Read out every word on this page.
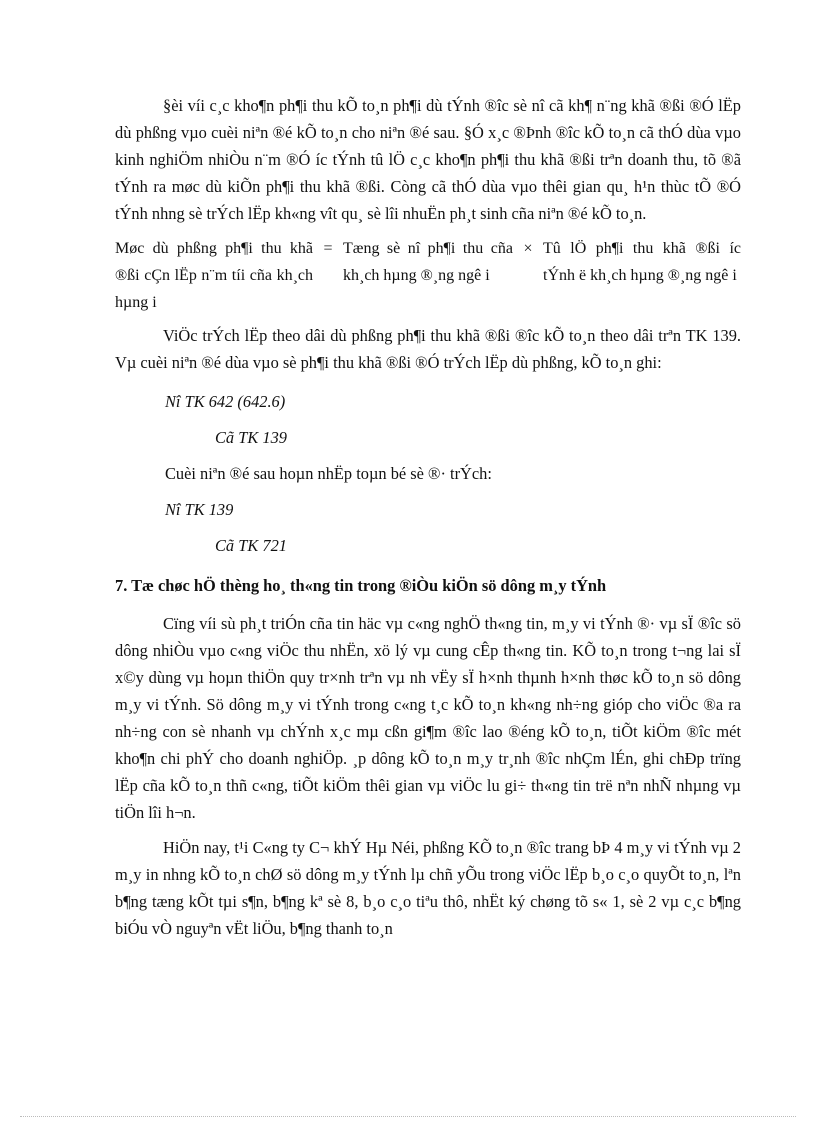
§èi víi c¸c kho¶n ph¶i thu kÕ to¸n ph¶i dù tÝnh ®îc sè nî cã kh¶ n¨ng khã ®ßi ®Ó lËp dù phßng vµo cuèi niªn ®é kÕ to¸n cho niªn ®é sau. §Ó x¸c ®Þnh ®îc kÕ to¸n cã thÓ dùa vµo kinh nghiÖm nhiÒu n¨m ®Ó íc tÝnh tû lÖ c¸c kho¶n ph¶i thu khã ®ßi trªn doanh thu, tõ ®ã tÝnh ra møc dù kiÕn ph¶i thu khã ®ßi. Còng cã thÓ dùa vµo thêi gian qu¸ h¹n thùc tÕ ®Ó tÝnh nhng sè trÝch lËp kh«ng vît qu¸ sè lîi nhuËn ph¸t sinh cña niªn ®é kÕ to¸n.

Møc dù phßng ph¶i thu khã ®ßi cÇn lËp n¨m tíi cña kh¸ch hµng i
= Tæng sè nî ph¶i thu cña kh¸ch hµng ®¸ng ngê i
× Tû lÖ ph¶i thu khã ®ßi íc tÝnh ë kh¸ch hµng ®¸ng ngê i

ViÖc trÝch lËp theo dâi dù phßng ph¶i thu khã ®ßi ®îc kÕ to¸n theo dâi trªn TK 139. Vµ cuèi niªn ®é dùa vµo sè ph¶i thu khã ®ßi ®Ó trÝch lËp dù phßng, kÕ to¸n ghi:

Nî TK 642 (642.6)

Cã TK 139

Cuèi niªn ®é sau hoµn nhËp toµn bé sè ®· trÝch:

Nî TK 139

Cã TK 721

7. Tæ chøc hÖ thèng ho¸ th«ng tin trong ®iÒu kiÖn sö dông m¸y tÝnh

Cïng víi sù ph¸t triÓn cña tin häc vµ c«ng nghÖ th«ng tin, m¸y vi tÝnh ®· vµ sÏ ®îc sö dông nhiÒu vµo c«ng viÖc thu nhËn, xö lý vµ cung cÊp th«ng tin. KÕ to¸n trong t¬ng lai sÏ x©y dùng vµ hoµn thiÖn quy tr×nh trªn vµ nh vËy sÏ h×nh thµnh h×nh thøc kÕ to¸n sö dông m¸y vi tÝnh. Sö dông m¸y vi tÝnh trong c«ng t¸c kÕ to¸n kh«ng nh÷ng gióp cho viÖc ®a ra nh÷ng con sè nhanh vµ chÝnh x¸c mµ cßn gi¶m ®îc lao ®éng kÕ to¸n, tiÕt kiÖm ®îc mét kho¶n chi phÝ cho doanh nghiÖp. ¸p dông kÕ to¸n m¸y tr¸nh ®îc nhÇm lÉn, ghi chÐp trïng lËp cña kÕ to¸n thñ c«ng, tiÕt kiÖm thêi gian vµ viÖc lu gi÷ th«ng tin trë nªn nhÑ nhµng vµ tiÖn lîi h¬n.

HiÖn nay, t¹i C«ng ty C¬ khÝ Hµ Néi, phßng KÕ to¸n ®îc trang bÞ 4 m¸y vi tÝnh vµ 2 m¸y in nhng kÕ to¸n chØ sö dông m¸y tÝnh lµ chñ yÕu trong viÖc lËp b¸o c¸o quyÕt to¸n, lªn b¶ng tæng kÕt tµi s¶n, b¶ng kª sè 8, b¸o c¸o tiªu thô, nhËt ký chøng tõ s« 1, sè 2 vµ c¸c b¶ng biÓu vÒ nguyªn vËt liÖu, b¶ng thanh to¸n
